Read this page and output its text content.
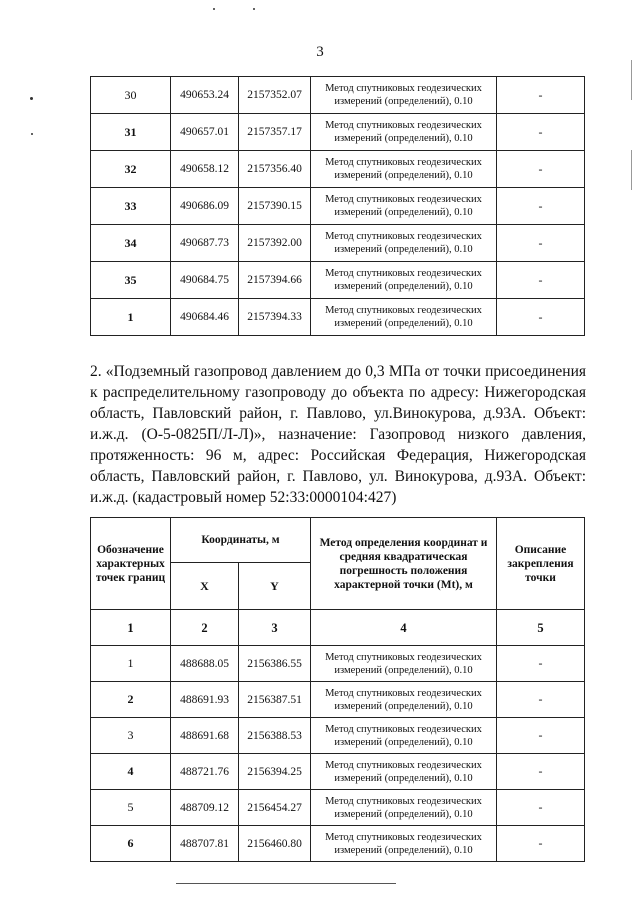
3
30	490653.24	2157352.07	Метод спутниковых геодезических измерений (определений), 0.10	-
31	490657.01	2157357.17	Метод спутниковых геодезических измерений (определений), 0.10	-
32	490658.12	2157356.40	Метод спутниковых геодезических измерений (определений), 0.10	-
33	490686.09	2157390.15	Метод спутниковых геодезических измерений (определений), 0.10	-
34	490687.73	2157392.00	Метод спутниковых геодезических измерений (определений), 0.10	-
35	490684.75	2157394.66	Метод спутниковых геодезических измерений (определений), 0.10	-
1	490684.46	2157394.33	Метод спутниковых геодезических измерений (определений), 0.10	-
2. «Подземный газопровод давлением до 0,3 МПа от точки присоединения к распределительному газопроводу до объекта по адресу: Нижегородская область, Павловский район, г. Павлово, ул.Винокурова, д.93А. Объект: и.ж.д. (О-5-0825П/Л-Л)», назначение: Газопровод низкого давления, протяженность: 96 м, адрес: Российская Федерация, Нижегородская область, Павловский район, г. Павлово, ул. Винокурова, д.93А. Объект: и.ж.д. (кадастровый номер 52:33:0000104:427)
Обозначение характерных точек границ	Координаты, м		Метод определения координат и средняя квадратическая погрешность положения характерной точки (Mt), м	Описание закрепления точки
	X	Y		
1	2	3	4	5
1	488688.05	2156386.55	Метод спутниковых геодезических измерений (определений), 0.10	-
2	488691.93	2156387.51	Метод спутниковых геодезических измерений (определений), 0.10	-
3	488691.68	2156388.53	Метод спутниковых геодезических измерений (определений), 0.10	-
4	488721.76	2156394.25	Метод спутниковых геодезических измерений (определений), 0.10	-
5	488709.12	2156454.27	Метод спутниковых геодезических измерений (определений), 0.10	-
6	488707.81	2156460.80	Метод спутниковых геодезических измерений (определений), 0.10	-
